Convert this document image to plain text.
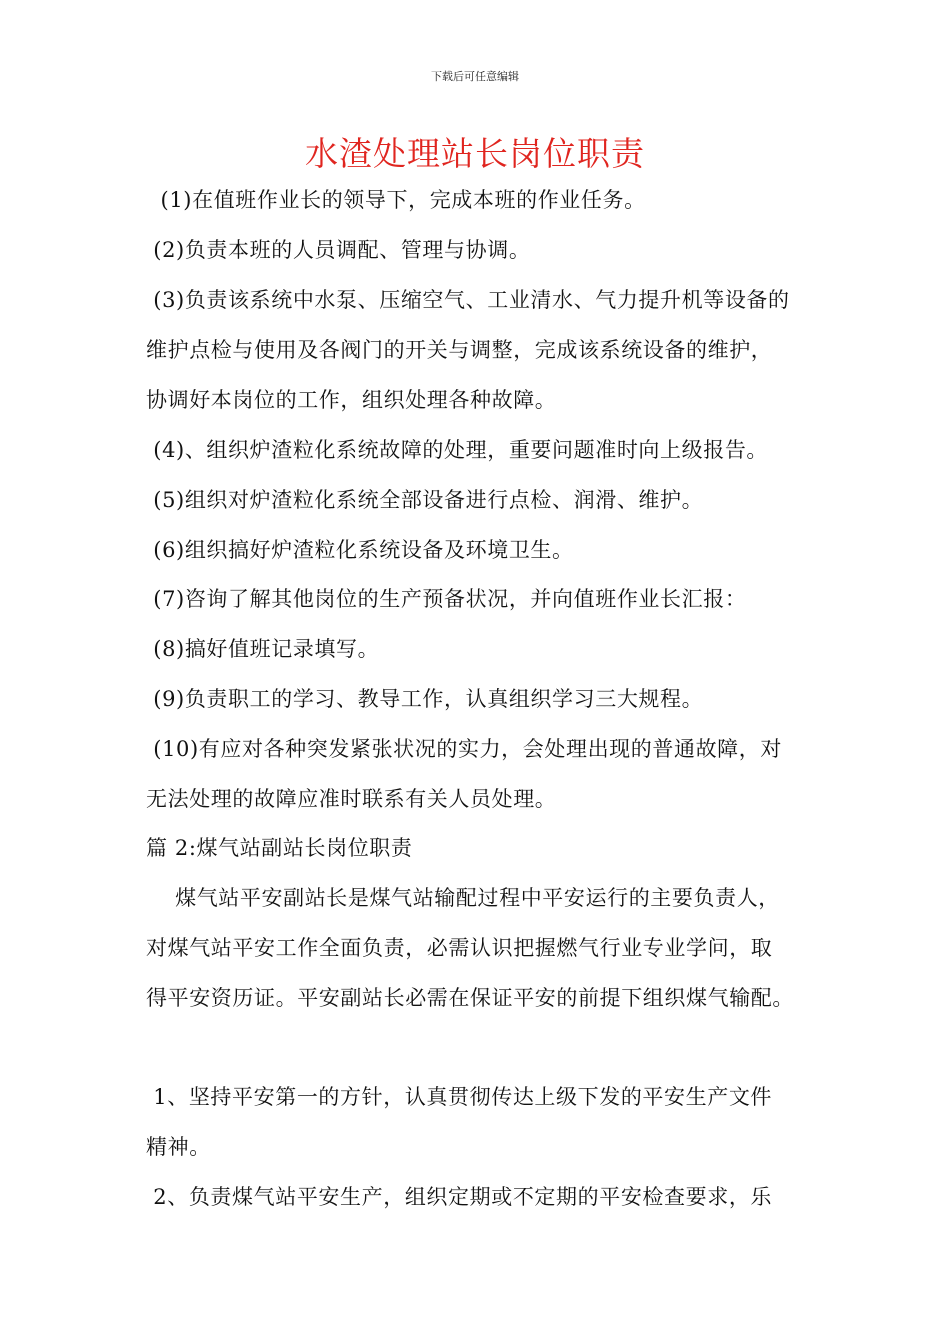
下载后可任意编辑
水渣处理站长岗位职责
(1)在值班作业长的领导下，完成本班的作业任务。
(2)负责本班的人员调配、管理与协调。
(3)负责该系统中水泵、压缩空气、工业清水、气力提升机等设备的
维护点检与使用及各阀门的开关与调整，完成该系统设备的维护，
协调好本岗位的工作，组织处理各种故障。
(4)、组织炉渣粒化系统故障的处理，重要问题准时向上级报告。
(5)组织对炉渣粒化系统全部设备进行点检、润滑、维护。
(6)组织搞好炉渣粒化系统设备及环境卫生。
(7)咨询了解其他岗位的生产预备状况，并向值班作业长汇报：
(8)搞好值班记录填写。
(9)负责职工的学习、教导工作，认真组织学习三大规程。
(10)有应对各种突发紧张状况的实力，会处理出现的普通故障，对
无法处理的故障应准时联系有关人员处理。
篇 2:煤气站副站长岗位职责
煤气站平安副站长是煤气站输配过程中平安运行的主要负责人，
对煤气站平安工作全面负责，必需认识把握燃气行业专业学问，取
得平安资历证。平安副站长必需在保证平安的前提下组织煤气输配。
1、坚持平安第一的方针，认真贯彻传达上级下发的平安生产文件
精神。
2、负责煤气站平安生产，组织定期或不定期的平安检查要求，乐
